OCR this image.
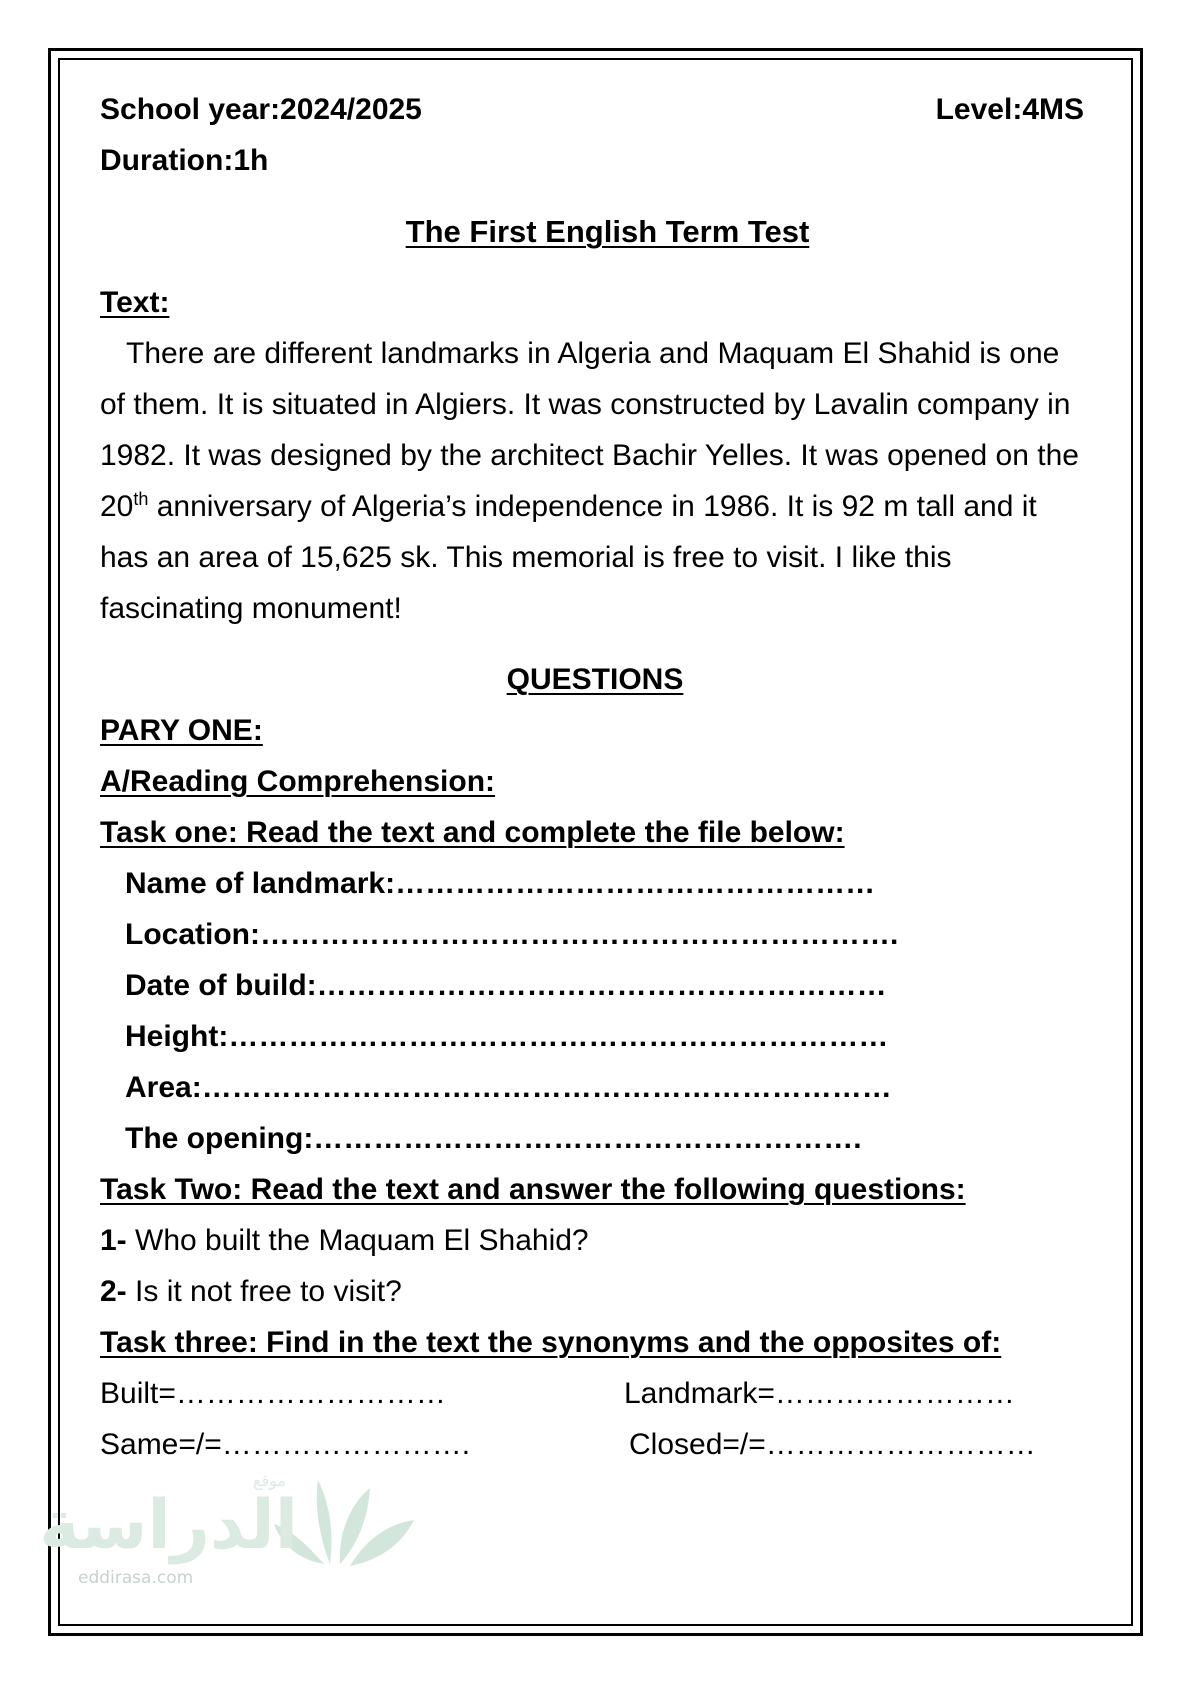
School year:2024/2025	Level:4MS
Duration:1h
The First English Term Test
Text:

There are different landmarks in Algeria and Maquam El Shahid is one of them. It is situated in Algiers. It was constructed by Lavalin company in 1982. It was designed by the architect Bachir Yelles. It was opened on the 20th anniversary of Algeria’s independence in 1986. It is 92 m tall and it has an area of 15,625 sk. This memorial is free to visit. I like this fascinating monument!

QUESTIONS
PARY ONE:
A/Reading Comprehension:
Task one: Read the text and complete the file below:
Name of landmark:…………………………………………
Location:……………………………………………………….
Date of build:…………………………………………………
Height:…………………………………………………………
Area:……………………………………………………………
The opening:……………………………………………….
Task Two: Read the text and answer the following questions:
1- Who built the Maquam El Shahid?
2- Is it not free to visit?
Task three: Find in the text the synonyms and the opposites of:
Built=………………………	Landmark=……………………
Same=/=…………………….	Closed=/=………………………
الدراسة
موقع
eddirasa.com
